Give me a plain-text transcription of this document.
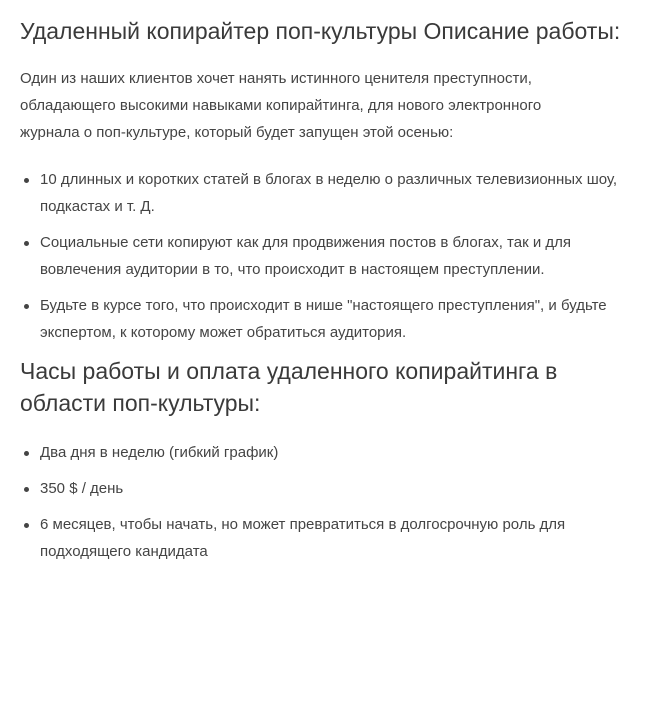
Удаленный копирайтер поп-культуры Описание работы:

Один из наших клиентов хочет нанять истинного ценителя преступности, обладающего высокими навыками копирайтинга, для нового электронного журнала о поп-культуре, который будет запущен этой осенью:

10 длинных и коротких статей в блогах в неделю о различных телевизионных шоу, подкастах и т. Д.
Социальные сети копируют как для продвижения постов в блогах, так и для вовлечения аудитории в то, что происходит в настоящем преступлении.
Будьте в курсе того, что происходит в нише "настоящего преступления", и будьте экспертом, к которому может обратиться аудитория.
Часы работы и оплата удаленного копирайтинга в области поп-культуры:
Два дня в неделю (гибкий график)
350 $ / день
6 месяцев, чтобы начать, но может превратиться в долгосрочную роль для подходящего кандидата
